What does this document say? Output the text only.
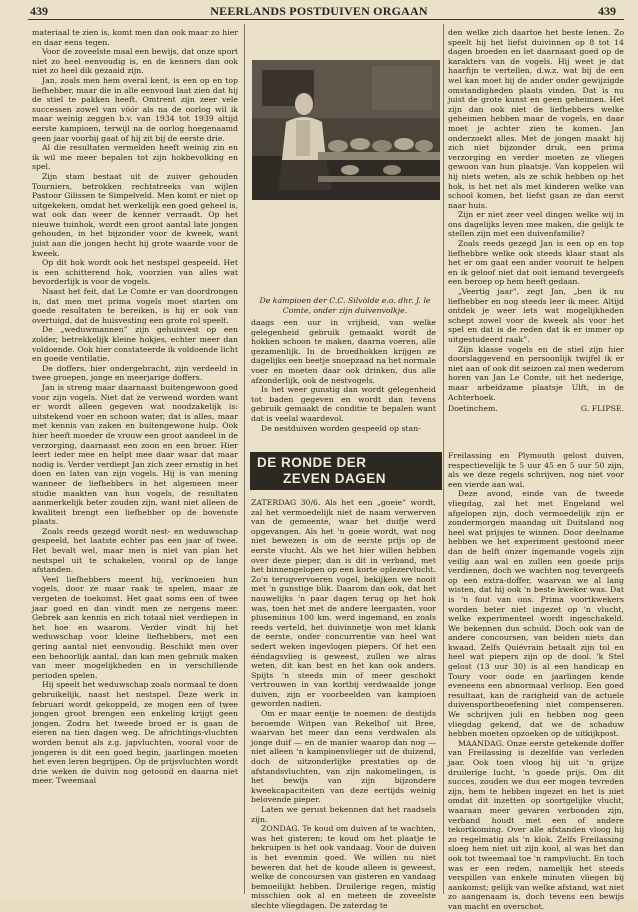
439	NEERLANDS POSTDUIVEN ORGAAN	439

materiaal te zien is, komt men dan ook maar zo hier en daar eens tegen.

Voor de zoveelste maal een bewijs, dat onze sport niet zo heel eenvoudig is, en de kenners dan ook niet zo heel dik gezaaid zijn.

Jan, zoals men hem overal kent, is een op en top liefhebber, maar die in alle eenvoud laat zien dat hij de stiel te pakken heeft. Omtrent zijn zeer vele successen zowel van vóór als na de oorlog wil ik maar weinig zeggen b.v. van 1934 tot 1939 altijd eerste kampioen, terwijl na de oorlog hoegenaamd geen jaar voorbij gaat of hij zit bij de eerste drie.

Al die resultaten vermelden heeft weinig zin en ik wil me meer bepalen tot zijn hokbevolking en spel.

Zijn stam bestaat uit de zuiver gehouden Tourniers, betrokken rechtstreeks van wijlen Pastoor Gilissen te Simpelveld. Men komt er niet op uitgekeken, omdat het werkelijk een goed geheel is, wat ook dan weer de kenner verraadt. Op het nieuwe tuinhok, wordt een groot aantal late jongen gehouden, in het bijzonder voor de kweek, want juist aan die jongen hecht hij grote waarde voor de kweek.

Op dit hok wordt ook het nestspel gespeeld. Het is een schitterend hok, voorzien van alles wat bevorderlijk is voor de vogels.

Naast het feit, dat Le Comte er van doordrongen is, dat men met prima vogels moet starten om goede resultaten te bereiken, is hij er ook van overtuigd, dat de huisvesting een grote rol speelt.

De „weduwmannen” zijn gehuisvest op een zolder, betrekkelijk kleine hokjes, echter meer dan voldoende. Ook hier constateerde ik voldoende licht en goede ventilatie.

De doffers, hier ondergebracht, zijn verdeeld in twee groepen, jonge en meerjarige doffers.

Jan is streng maar daarnaast buitengewoon goed voor zijn vogels. Niet dat ze verwend worden want er wordt alleen gegeven wat noodzakelijk is: uitstekend voer en schoon water, dat is alles, maar met kennis van zaken en buitengewone hulp. Ook hier heeft moeder de vrouw een groot aandeel in de verzorging, daarnaast een zoon en een broer. Hier leert ieder mee en helpt mee daar waar dat maar nodig is. Verder verdiept Jan zich zeer ernstig in het doen en laten van zijn vogels. Hij is van mening wanneer de liefhebbers in het algemeen meer studie maakten van hun vogels, de resultaten aanmerkelijk beter zouden zijn, want niet alleen de kwaliteit brengt een liefhebber op de bovenste plaats.

Zoals reeds gezegd wordt nest- en weduwschap gespeeld, het laatste echter pas een jaar of twee. Het bevalt wel, maar men is niet van plan het nestspel uit te schakelen, vooral op de lange afstanden.

Veel liefhebbers meent hij, verknoeien hun vogels, door ze maar raak te spelen, maar ze vergeten de toekomst. Het gaat soms een of twee jaar goed en dan vindt men ze nergens meer. Gebrek aan kennis en zich totaal niet verdiepen in het hoe en waarom. Verder vindt hij het weduwschap voor kleine liefhebbers, met een gering aantal niet eenvoudig. Beschikt men over een behoorlijk aantal, dan kan men gebruik maken van meer mogelijkheden en in verschillende perioden spelen.

Hij speelt het weduwschap zoals normaal te doen gebruikelijk, naast het nestspel. Deze werk in februari wordt gekoppeld, ze mogen een of twee jongen groot brengen een enkeling krijgt geen jongen. Zodra het tweede broed er is gaan de eieren na tien dagen weg. De africhtings-vluchten worden benut als z.g. japvluchten, vooral voor de jongeren is dit een goed begin, jaarlingen moeten het even leren begrijpen. Op de prijsvluchten wordt drie weken de duivin nog getoond en daarna niet meer. Tweemaal

De kampioen der C.C. Silvolde e.o. dhr. J. le Comte, onder zijn duivenvolkje.

daags een uur in vrijheid, van welke gelegenheid gebruik gemaakt wordt de hokken schoon te maken, daarna voeren, alle gezamenlijk. In de broedhokken krijgen ze dagelijks een beetje snoepzaad na het normale voer en moeten daar ook drinken, dus alle afzonderlijk, ook de nestvogels.

Is het weer gunstig dan wordt gelegenheid tot baden gegeven en wordt dan tevens gebruik gemaakt de conditie te bepalen want dat is veelal waardevol.

De nestduiven worden gespeeld op stan-

DE RONDE DER
ZEVEN DAGEN

ZATERDAG 30/6. Als het een „goeie” wordt, zal het vermoedelijk niet de naam verwerven van de gemeente, waar het duifje werd opgevangen. Als het 'n goeie wordt, wat nog niet bewezen is om de eerste prijs op de eerste vlucht. Als we het hier willen hebben over deze pieper, dan is dit in verband, met het binnengelopen op een korte oplezervlucht. Zo'n terugvervoeren vogel, bekijken we nooit met 'n gunstige blik. Daarom dan ook, dat het nauwelijks 'n paar dagen terug op het hok was, toen het met de andere leergasten, voor pluseminus 100 km. werd ingemand, en zoals reeds verteld, het duivinnetje won met klank de eerste, onder concurrentie van heel wat sedert weken ingevlogen piepers. Of het een ééndagsvlieg is geweest, zullen we alras weten, dit kan best en het kan ook anders. Spijts 'n steeds min of meer geschokt vertrouwen in van kortbij verdwaalde jonge duiven, zijn er voorbeelden van kampioen geworden nadien.

Om er maar eentje te noemen: de destijds beroemde Witpen van Rekelhof uit Bree, waarvan het meer dan eens verdwalen als jonge duif — en de manier waarop dan nog — niet alleen 'n kampioenvlieger uit de duizend, doch de uitzonderlijke prestaties op de afstandsvluchten, van zijn nakomelingen, is het bewijs van zijn bijzondere kweekcapaciteiten van deze eertijds weinig belovende pieper.

Laten we gerust bekennen dat het raadsels zijn.

ZONDAG. Te koud om duiven af te wachten, was het gisteren; te koud om het plaatje te bekruipen is het ook vandaag. Voor de duiven is het evenmin goed. We willen nu niet beweren dat het de koude alleen is geweest, welke de concoursen van gisteren en vandaag bemoeilijkt hebben. Druilerige regen, mistig misschien ook al en meteen de zoveelste slechte vliegdagen. De zaterdag te

den welke zich daartoe het beste lenen. Zo speelt hij het liefst duivinnen op 8 tot 14 dagen broeden en let daarnaast goed op de karakters van de vogels. Hij weet je dat haarfijn te vertellen, d.w.z. wat bij de een wel kan moet bij de ander onder gewijzigde omstandigheden plaats vinden. Dat is nu juist de grote kunst en geen geheimen. Het zijn dan ook niet de liefhebbers welke geheimen hebben maar de vogels, en daar moet je achter zien te komen. Jan onderzoekt alles. Met de jongen maakt hij zich niet bijzonder druk, een prima verzorging en verder moeten ze vliegen gewoon van hun plaatsje. Van koppelen wil hij niets weten, als ze schik hebben op het hok, is het net als met kinderen welke van school komen, het liefst gaan ze dan eerst naar huis.

Zijn er niet zeer veel dingen welke wij in ons dagelijks leven mee maken, die gelijk te stellen zijn met een duivenfamilie?

Zoals reeds gezegd Jan is een op en top liefhebbre welke ook steeds klaar staat als het er om gaat een ander vooruit te helpen en ik geloof niet dat ooit iemand tevergeefs een beroep op hem heeft gedaan.

„Veertig jaar”, zegt Jan, „ben ik nu liefhebber en nog steeds leer ik meer. Altijd ontdek je weer iets wat mogelijkheden schept zowel voor de kweek als voor het spel en dat is de reden dat ik er immer op uitgestudeerd raak”.

Zijn klasse vogels en de stiel zijn hier doorslaggevend en persoonlijk twijfel ik er niet aan of ook dit seizoen zal men wederom horen van Jan Le Comte, uit het nederige, maar arbeidzame plaatsje Ulft, in de Achterhoek.

Doetinchem.	G. FLIPSE.

Freilassing en Plymouth gelost duiven, respectievelijk te 5 uur 45 en 5 uur 50 zijn, als we deze regels schrijven, nog niet voor een vierde aan wal.

Deze avond, einde van de tweede vliegdag, zal het met Engeland wel afgelopen zijn, doch vermoedelijk zijn er zondermorgen maandag uit Duitsland nog heel wat prijsjes te winnen. Door deelname hebben we het experiment gestoond meer dan de helft onzer ingemande vogels zijn veilig aan wal en zullen een goede prijs verdienen, doch we wachten nog tevergeefs op een extra-doffer, waarvan we al lang wisten, dat hij ook 'n beste kweker was. Dat is 'n fout van ons. Prima voortkwekers worden beter niet ingezet op 'n vlucht, welke experimenteel wordt ingeschakeld. We bekennen dus schuld. Doch ook van de andere concoursen, van beiden niets dan kwaad. Zelfs Quiévrain betaalt zijn tol en heel wat piepers zijn op de dool. 'k Stel gelost (13 uur 30) is al een handicap en Toury voor oude en jaarlingen kende eveneens een abnormaal verloop. Een goed resultaat, kan de rarigheid van de actuele duivensportbeoefening niet compenseren. We schrijven juli en hebben nog geen vliegdag gekend, dat we de schaduw hebben moeten opzoeken op de uitkijkpost.

MAANDAG. Onze eerste getekende doffer van Freilassing is dezelfde van verleden jaar. Ook toen vloog hij uit 'n grijze druilerige lucht, 'n goede prijs. Om dit succes, zouden we dus eer mogen tevreden zijn, hem te hebben ingezet en het is niet omdat dit inzetten op soortgelijke vlucht, waaraan meer gevaren verbonden zijn, verband houdt met een of andere tekortkoming. Over alle afstanden vloog hij zo regelmatig als 'n klok. Zelfs Freilassing sloeg hem niet uit zijn kool, al was het dan ook tot tweemaal toe 'n rampvlucht. En toch was er een reden, namelijk het steeds verspillen van enkele minuten vliegen bij aankomst; gelijk van welke afstand, wat niet zo aangenaam is, doch tevens een bewijs van macht en overschot.
